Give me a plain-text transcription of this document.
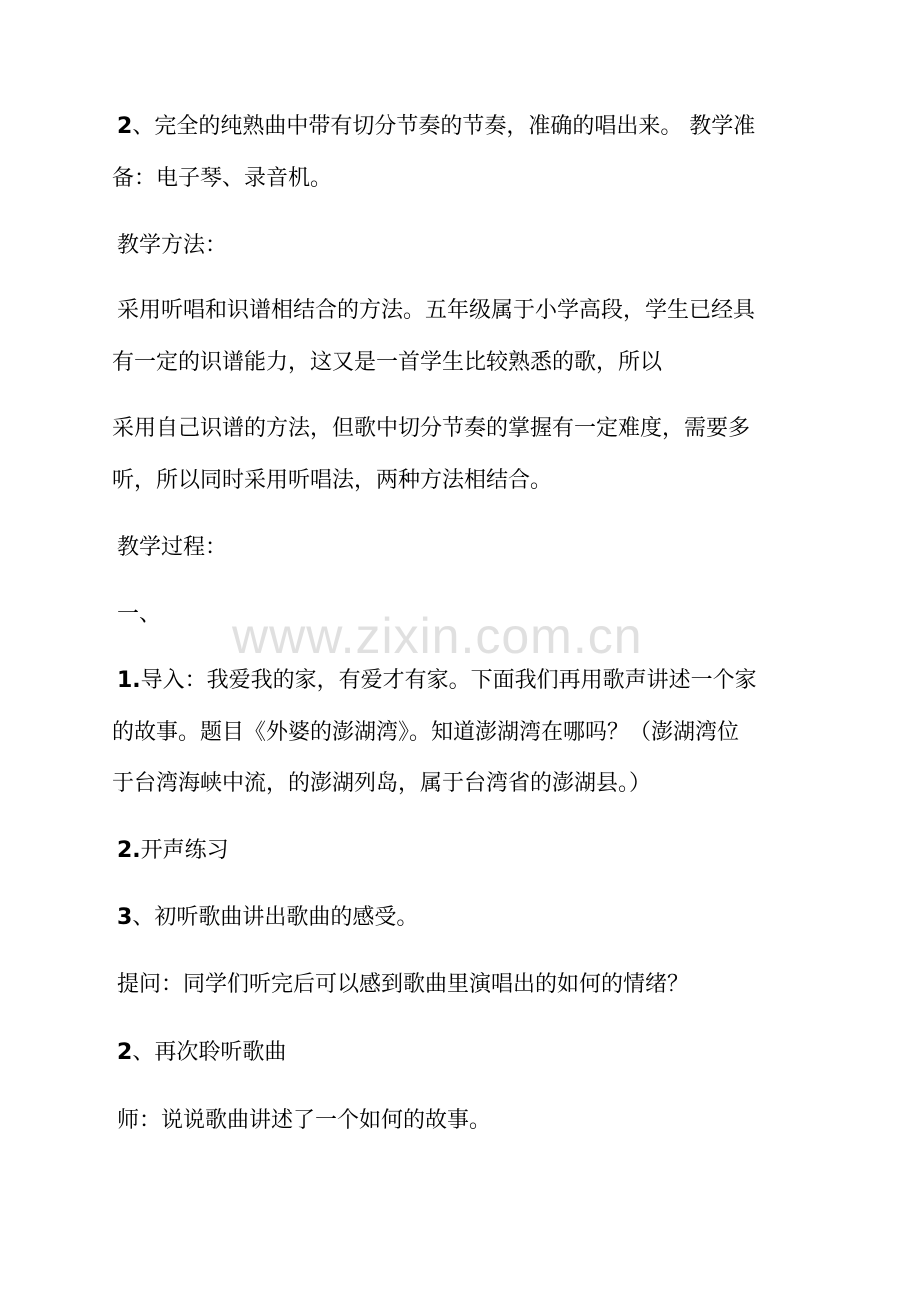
www.zixin.com.cn
2、完全的纯熟曲中带有切分节奏的节奏，准确的唱出来。 教学准
备：电子琴、录音机。
教学方法：
采用听唱和识谱相结合的方法。五年级属于小学高段，学生已经具
有一定的识谱能力，这又是一首学生比较熟悉的歌，所以
采用自己识谱的方法，但歌中切分节奏的掌握有一定难度，需要多
听，所以同时采用听唱法，两种方法相结合。
教学过程：
一、
1.导入：我爱我的家，有爱才有家。下面我们再用歌声讲述一个家
的故事。题目《外婆的澎湖湾》。知道澎湖湾在哪吗？（澎湖湾位
于台湾海峡中流，的澎湖列岛，属于台湾省的澎湖县。）
2.开声练习
3、初听歌曲讲出歌曲的感受。
提问：同学们听完后可以感到歌曲里演唱出的如何的情绪？
2、再次聆听歌曲
师：说说歌曲讲述了一个如何的故事。
